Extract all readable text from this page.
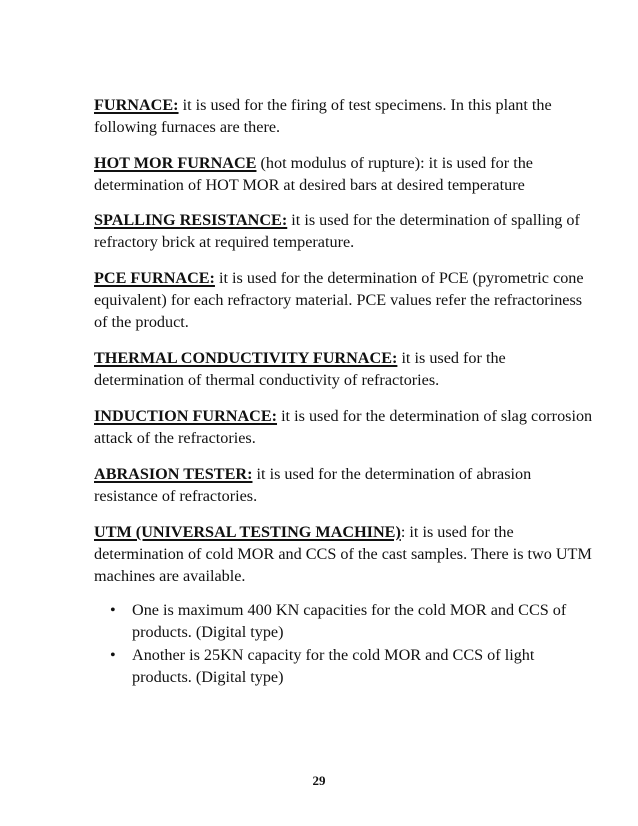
FURNACE: it is used for the firing of test specimens. In this plant the following furnaces are there.

HOT MOR FURNACE (hot modulus of rupture): it is used for the determination of HOT MOR at desired bars at desired temperature

SPALLING RESISTANCE: it is used for the determination of spalling of refractory brick at required temperature.

PCE FURNACE: it is used for the determination of PCE (pyrometric cone equivalent) for each refractory material. PCE values refer the refractoriness of the product.

THERMAL CONDUCTIVITY FURNACE: it is used for the determination of thermal conductivity of refractories.

INDUCTION FURNACE: it is used for the determination of slag corrosion attack of the refractories.

ABRASION TESTER: it is used for the determination of abrasion resistance of refractories.

UTM (UNIVERSAL TESTING MACHINE): it is used for the determination of cold MOR and CCS of the cast samples. There is two UTM machines are available.

• One is maximum 400 KN capacities for the cold MOR and CCS of products. (Digital type)
• Another is 25KN capacity for the cold MOR and CCS of light products. (Digital type)
29
